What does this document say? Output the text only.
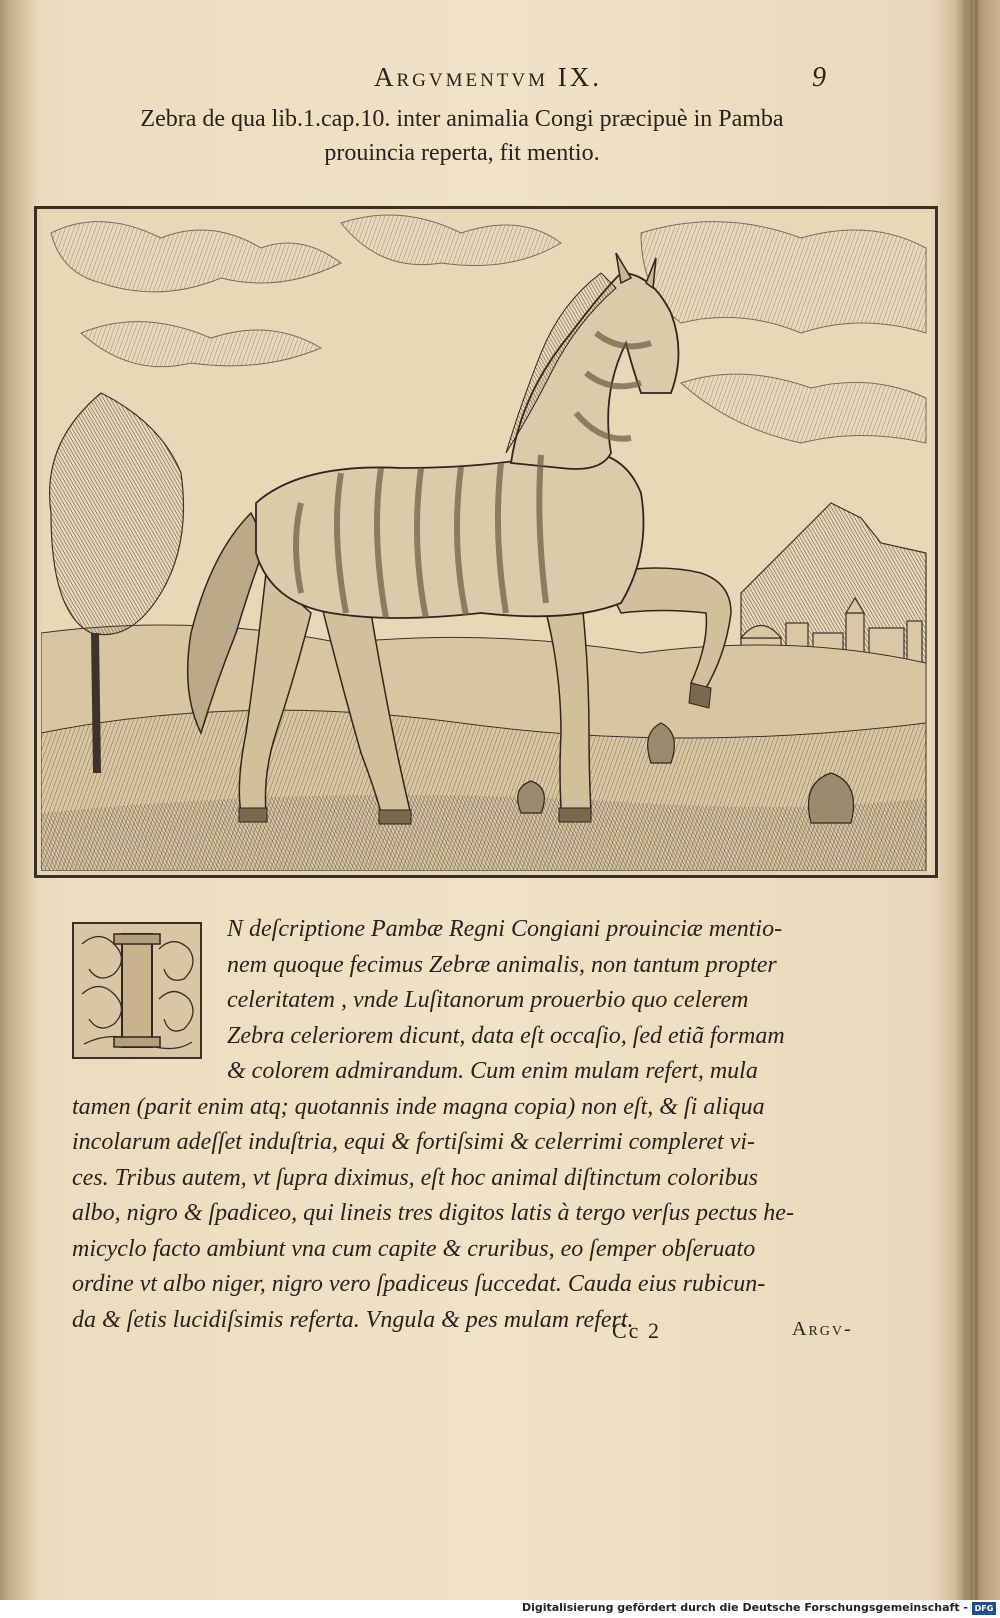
Argvmentvm IX.	9
Zebra de qua lib.1.cap.10. inter animalia Congi præcipuè in Pamba
prouincia reperta, fit mentio.
N deſcriptione Pambæ Regni Congiani prouinciæ mentio-
nem quoque fecimus Zebræ animalis, non tantum propter
celeritatem , vnde Luſitanorum prouerbio quo celerem
Zebra celeriorem dicunt, data eſt occaſio, ſed etiã formam
& colorem admirandum. Cum enim mulam refert, mula
tamen (parit enim atq; quotannis inde magna copia) non eſt, & ſi aliqua
incolarum adeſſet induſtria, equi & fortiſsimi & celerrimi compleret vi-
ces. Tribus autem, vt ſupra diximus, eſt hoc animal diſtinctum coloribus
albo, nigro & ſpadiceo, qui lineis tres digitos latis à tergo verſus pectus he-
micyclo facto ambiunt vna cum capite & cruribus, eo ſemper obſeruato
ordine vt albo niger, nigro vero ſpadiceus ſuccedat. Cauda eius rubicun-
da & ſetis lucidiſsimis referta. Vngula & pes mulam refert.
Cc 2	Argv-
Digitalisierung gefördert durch die Deutsche Forschungsgemeinschaft - DFG
